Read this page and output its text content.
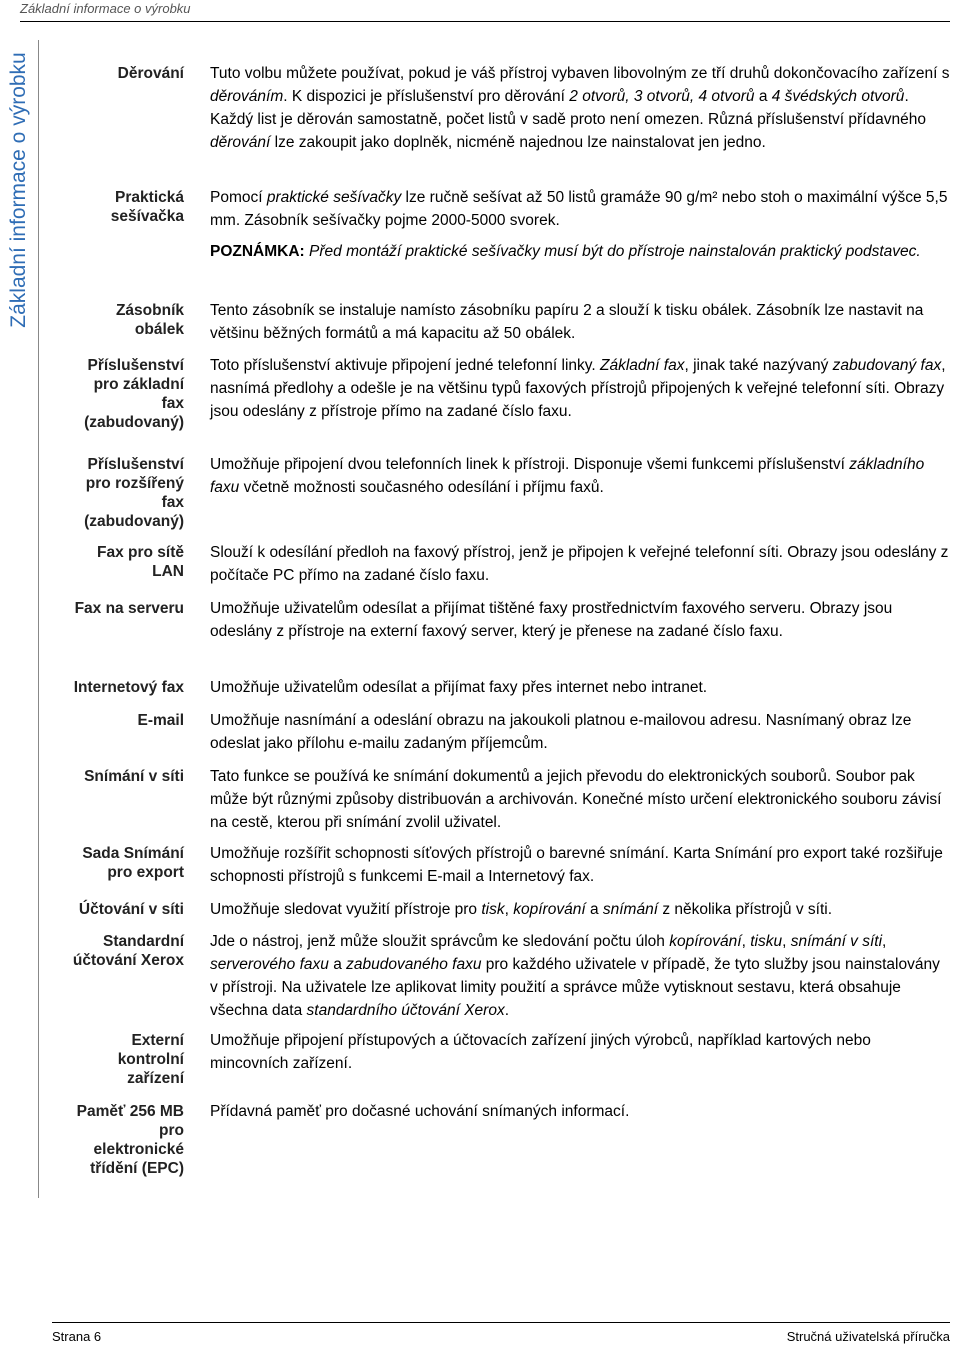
Základní informace o výrobku
Základní informace o výrobku	Děrování Tuto volbu můžete používat, pokud je váš přístroj vybaven libovolným ze tří druhů dokončovacího zařízení s děrováním. K dispozici je příslušenství pro děrování 2 otvorů, 3 otvorů, 4 otvorů a 4 švédských otvorů. Každý list je děrován samostatně, počet listů v sadě proto není omezen. Různá příslušenství přídavného děrování lze zakoupit jako doplněk, nicméně najednou lze nainstalovat jen jedno.

Praktická
sešívačka

Pomocí praktické sešívačky lze ručně sešívat až 50 listů gramáže 90 g/m² nebo stoh o maximální výšce 5,5 mm. Zásobník sešívačky pojme 2000-5000 svorek.

POZNÁMKA: Před montáží praktické sešívačky musí být do přístroje nainstalován praktický podstavec.

Zásobník
obálek

Tento zásobník se instaluje namísto zásobníku papíru 2 a slouží k tisku obálek. Zásobník lze nastavit na většinu běžných formátů a má kapacitu až 50 obálek.

Příslušenství
pro základní
fax
(zabudovaný)

Toto příslušenství aktivuje připojení jedné telefonní linky. Základní fax, jinak také nazývaný zabudovaný fax, nasnímá předlohy a odešle je na většinu typů faxových přístrojů připojených k veřejné telefonní síti. Obrazy jsou odeslány z přístroje přímo na zadané číslo faxu.

Příslušenství
pro rozšířený
fax
(zabudovaný)

Umožňuje připojení dvou telefonních linek k přístroji. Disponuje všemi funkcemi příslušenství základního faxu včetně možnosti současného odesílání i příjmu faxů.

Fax pro sítě
LAN

Slouží k odesílání předloh na faxový přístroj, jenž je připojen k veřejné telefonní síti. Obrazy jsou odeslány z počítače PC přímo na zadané číslo faxu.

Fax na serveru Umožňuje uživatelům odesílat a přijímat tištěné faxy prostřednictvím faxového serveru. Obrazy jsou odeslány z přístroje na externí faxový server, který je přenese na zadané číslo faxu.

Internetový fax Umožňuje uživatelům odesílat a přijímat faxy přes internet nebo intranet.

E-mail Umožňuje nasnímání a odeslání obrazu na jakoukoli platnou e-mailovou adresu. Nasnímaný obraz lze odeslat jako přílohu e-mailu zadaným příjemcům.

Snímání v síti Tato funkce se používá ke snímání dokumentů a jejich převodu do elektronických souborů. Soubor pak může být různými způsoby distribuován a archivován. Konečné místo určení elektronického souboru závisí na cestě, kterou při snímání zvolil uživatel.

Sada Snímání
pro export

Umožňuje rozšířit schopnosti síťových přístrojů o barevné snímání. Karta Snímání pro export také rozšiřuje schopnosti přístrojů s funkcemi E-mail a Internetový fax.

Účtování v síti Umožňuje sledovat využití přístroje pro tisk, kopírování a snímání z několika přístrojů v síti.

Standardní
účtování Xerox

Jde o nástroj, jenž může sloužit správcům ke sledování počtu úloh kopírování, tisku, snímání v síti, serverového faxu a zabudovaného faxu pro každého uživatele v případě, že tyto služby jsou nainstalovány v přístroji. Na uživatele lze aplikovat limity použití a správce může vytisknout sestavu, která obsahuje všechna data standardního účtování Xerox.

Externí
kontrolní
zařízení

Umožňuje připojení přístupových a účtovacích zařízení jiných výrobců, například kartových nebo mincovních zařízení.

Paměť 256 MB
pro
elektronické
třídění (EPC)

Přídavná paměť pro dočasné uchování snímaných informací.

Strana 6	Stručná uživatelská příručka
